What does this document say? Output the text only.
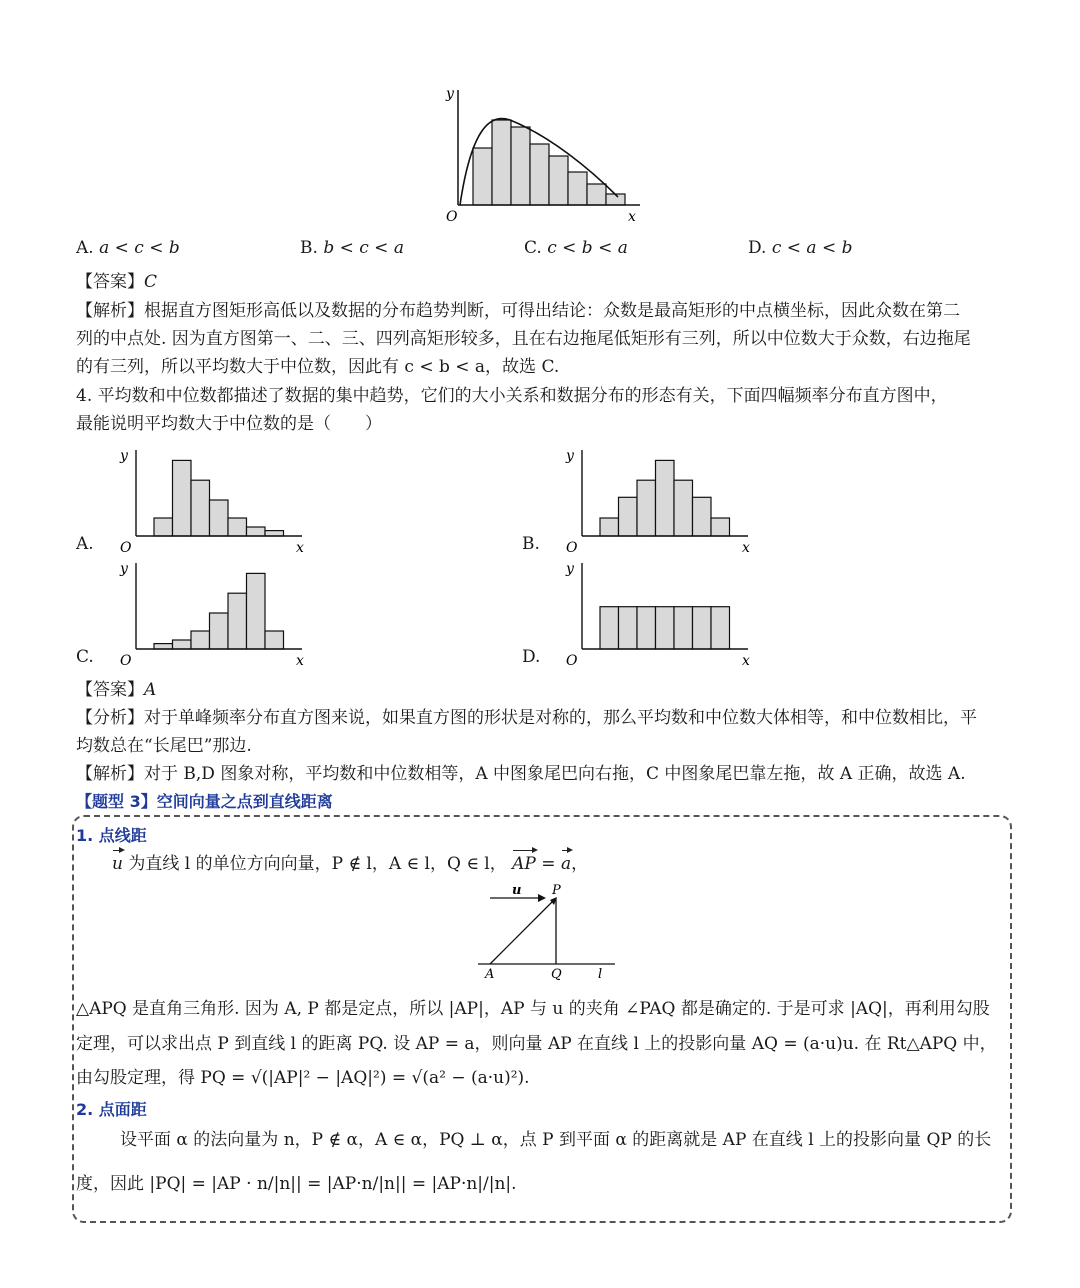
y
x
O
A. a < c < b	B. b < c < a	C. c < b < a	D. c < a < b
【答案】C
【解析】根据直方图矩形高低以及数据的分布趋势判断，可得出结论：众数是最高矩形的中点横坐标，因此众数在第二
列的中点处. 因为直方图第一、二、三、四列高矩形较多，且在右边拖尾低矩形有三列，所以中位数大于众数，右边拖尾
的有三列，所以平均数大于中位数，因此有 c < b < a，故选 C.
4. 平均数和中位数都描述了数据的集中趋势，它们的大小关系和数据分布的形态有关，下面四幅频率分布直方图中，
最能说明平均数大于中位数的是（　　）
A.	B.
C.	D.
y
x
O
y
x
O
y
x
O
y
x
O
【答案】A
【分析】对于单峰频率分布直方图来说，如果直方图的形状是对称的，那么平均数和中位数大体相等，和中位数相比，平
均数总在“长尾巴”那边.
【解析】对于 B,D 图象对称，平均数和中位数相等，A 中图象尾巴向右拖，C 中图象尾巴靠左拖，故 A 正确，故选 A.
【题型 3】空间向量之点到直线距离
1. 点线距
u 为直线 l 的单位方向向量，P ∉ l，A ∈ l，Q ∈ l， AP = a，
u P
A	Q	l
△APQ 是直角三角形. 因为 A, P 都是定点，所以 |AP|，AP 与 u 的夹角 ∠PAQ 都是确定的. 于是可求 |AQ|，再利用勾股
定理，可以求出点 P 到直线 l 的距离 PQ. 设 AP = a，则向量 AP 在直线 l 上的投影向量 AQ = (a·u)u. 在 Rt△APQ 中，
由勾股定理，得 PQ = √(|AP|² − |AQ|²) = √(a² − (a·u)²).
2. 点面距
设平面 α 的法向量为 n，P ∉ α，A ∈ α，PQ ⊥ α，点 P 到平面 α 的距离就是 AP 在直线 l 上的投影向量 QP 的长
度，因此 |PQ| = |AP · n/|n|| = |AP·n/|n|| = |AP·n|/|n|.
